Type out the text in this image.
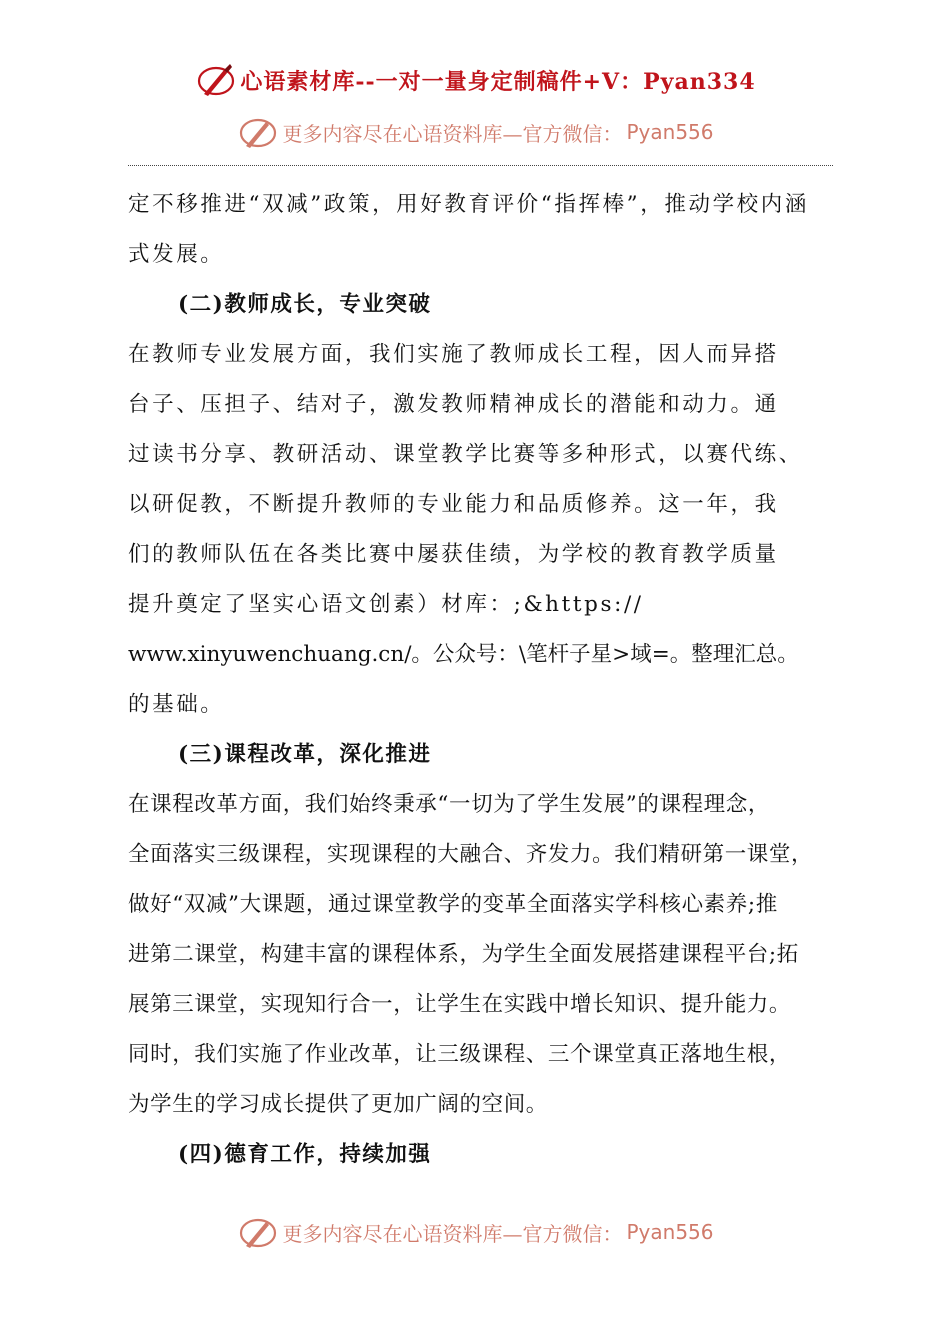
心语素材库--一对一量身定制稿件+V：Pyan334
更多内容尽在心语资料库—官方微信： Pyan556

定不移推进“双减”政策，用好教育评价“指挥棒”，推动学校内涵

式发展。

(二)教师成长，专业突破

在教师专业发展方面，我们实施了教师成长工程，因人而异搭

台子、压担子、结对子，激发教师精神成长的潜能和动力。通

过读书分享、教研活动、课堂教学比赛等多种形式，以赛代练、

以研促教，不断提升教师的专业能力和品质修养。这一年，我

们的教师队伍在各类比赛中屡获佳绩，为学校的教育教学质量

提升奠定了坚实心语文创素）材库：;&https://

www.xinyuwenchuang.cn/。公众号：\笔杆子星>域=。整理汇总。

的基础。

(三)课程改革，深化推进

在课程改革方面，我们始终秉承“一切为了学生发展”的课程理念，

全面落实三级课程，实现课程的大融合、齐发力。我们精研第一课堂，

做好“双减”大课题，通过课堂教学的变革全面落实学科核心素养;推

进第二课堂，构建丰富的课程体系，为学生全面发展搭建课程平台;拓

展第三课堂，实现知行合一，让学生在实践中增长知识、提升能力。

同时，我们实施了作业改革，让三级课程、三个课堂真正落地生根，

为学生的学习成长提供了更加广阔的空间。

(四)德育工作，持续加强
更多内容尽在心语资料库—官方微信： Pyan556
